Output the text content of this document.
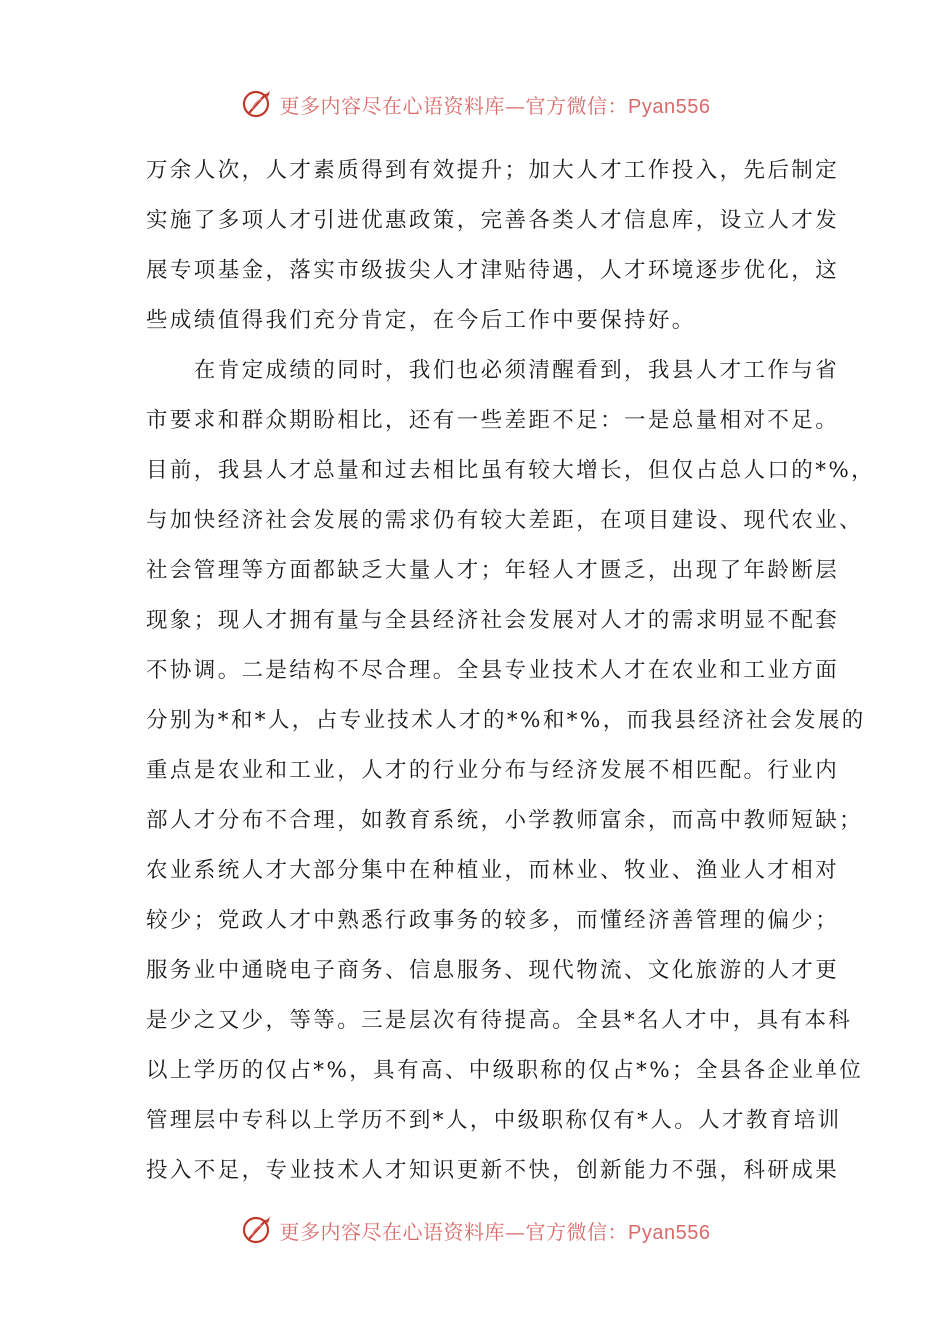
更多内容尽在心语资料库—官方微信：Pyan556
万余人次，人才素质得到有效提升；加大人才工作投入，先后制定
实施了多项人才引进优惠政策，完善各类人才信息库，设立人才发
展专项基金，落实市级拔尖人才津贴待遇，人才环境逐步优化，这
些成绩值得我们充分肯定，在今后工作中要保持好。
　　在肯定成绩的同时，我们也必须清醒看到，我县人才工作与省
市要求和群众期盼相比，还有一些差距不足：一是总量相对不足。
目前，我县人才总量和过去相比虽有较大增长，但仅占总人口的*%，
与加快经济社会发展的需求仍有较大差距，在项目建设、现代农业、
社会管理等方面都缺乏大量人才；年轻人才匮乏，出现了年龄断层
现象；现人才拥有量与全县经济社会发展对人才的需求明显不配套
不协调。二是结构不尽合理。全县专业技术人才在农业和工业方面
分别为*和*人，占专业技术人才的*%和*%，而我县经济社会发展的
重点是农业和工业，人才的行业分布与经济发展不相匹配。行业内
部人才分布不合理，如教育系统，小学教师富余，而高中教师短缺；
农业系统人才大部分集中在种植业，而林业、牧业、渔业人才相对
较少；党政人才中熟悉行政事务的较多，而懂经济善管理的偏少；
服务业中通晓电子商务、信息服务、现代物流、文化旅游的人才更
是少之又少，等等。三是层次有待提高。全县*名人才中，具有本科
以上学历的仅占*%，具有高、中级职称的仅占*%；全县各企业单位
管理层中专科以上学历不到*人，中级职称仅有*人。人才教育培训
投入不足，专业技术人才知识更新不快，创新能力不强，科研成果
更多内容尽在心语资料库—官方微信：Pyan556
